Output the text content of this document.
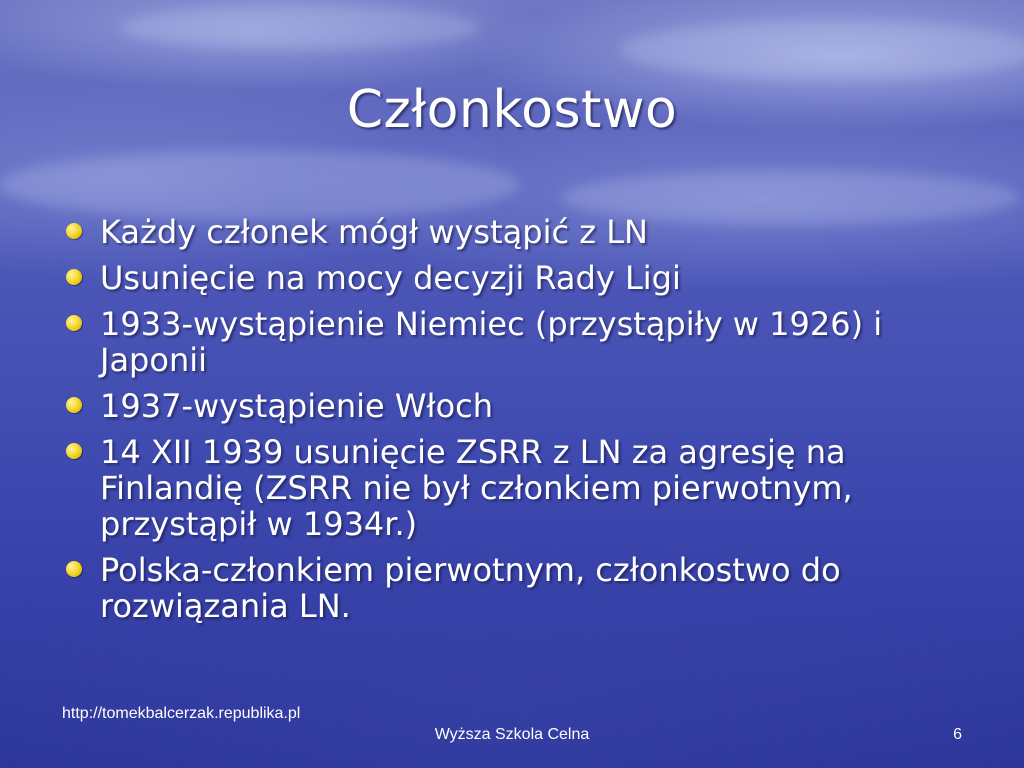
Członkostwo
Każdy członek mógł wystąpić z LN
Usunięcie na mocy decyzji Rady Ligi
1933-wystąpienie Niemiec (przystąpiły w 1926) i Japonii
1937-wystąpienie Włoch
14 XII 1939 usunięcie ZSRR z LN za agresję na Finlandię (ZSRR nie był członkiem pierwotnym, przystąpił w 1934r.)
Polska-członkiem pierwotnym, członkostwo do rozwiązania LN.
http://tomekbalcerzak.republika.pl
Wyższa Szkola Celna	6
